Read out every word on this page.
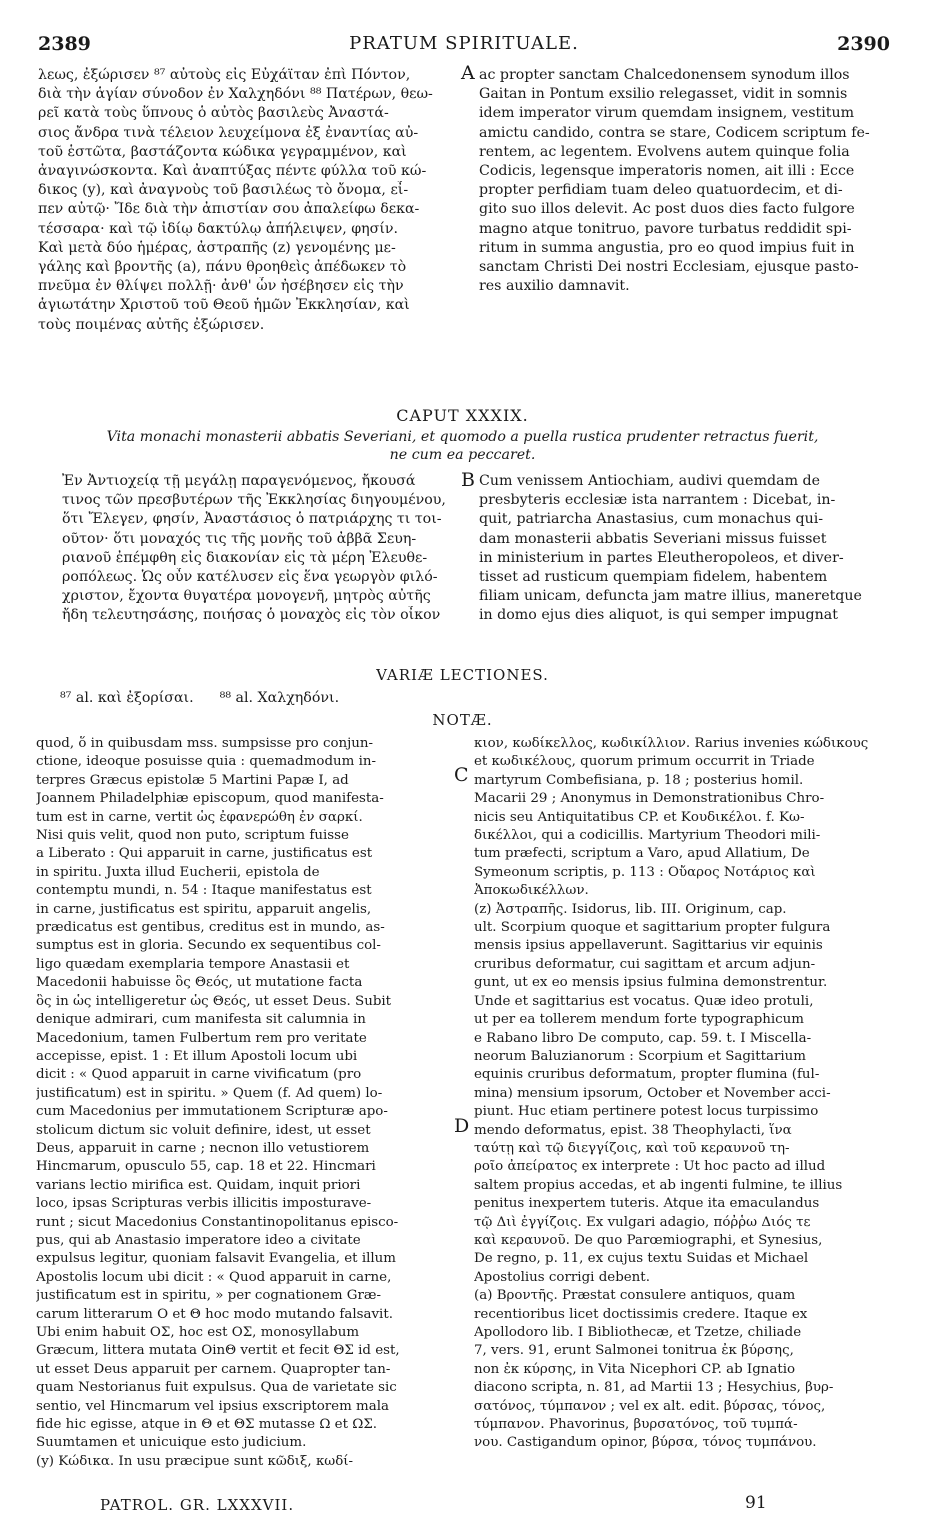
2389	PRATUM SPIRITUALE.	2390
λεως, ἐξώρισεν ⁸⁷ αὐτοὺς εἰς Εὐχάϊταν ἐπὶ Πόντον,
διὰ τὴν ἁγίαν σύνοδον ἐν Χαλχηδόνι ⁸⁸ Πατέρων, θεω-
ρεῖ κατὰ τοὺς ὕπνους ὁ αὐτὸς βασιλεὺς Ἀναστά-
σιος ἄνδρα τινὰ τέλειον λευχείμονα ἐξ ἐναντίας αὐ-
τοῦ ἑστῶτα, βαστάζοντα κώδικα γεγραμμένον, καὶ
ἀναγινώσκοντα. Καὶ ἀναπτύξας πέντε φύλλα τοῦ κώ-
δικος (y), καὶ ἀναγνοὺς τοῦ βασιλέως τὸ ὄνομα, εἶ-
πεν αὐτῷ· Ἴδε διὰ τὴν ἀπιστίαν σου ἀπαλείφω δεκα-
τέσσαρα· καὶ τῷ ἰδίῳ δακτύλῳ ἀπήλειψεν, φησίν.
Καὶ μετὰ δύο ἡμέρας, ἀστραπῆς (z) γενομένης με-
γάλης καὶ βροντῆς (a), πάνυ θροηθεὶς ἀπέδωκεν τὸ
πνεῦμα ἐν θλίψει πολλῇ· ἀνθ' ὧν ἠσέβησεν εἰς τὴν
ἁγιωτάτην Χριστοῦ τοῦ Θεοῦ ἡμῶν Ἐκκλησίαν, καὶ
τοὺς ποιμένας αὐτῆς ἐξώρισεν.
A ac propter sanctam Chalcedonensem synodum illos
Gaitan in Pontum exsilio relegasset, vidit in somnis
idem imperator virum quemdam insignem, vestitum
amictu candido, contra se stare, Codicem scriptum fe-
rentem, ac legentem. Evolvens autem quinque folia
Codicis, legensque imperatoris nomen, ait illi : Ecce
propter perfidiam tuam deleo quatuordecim, et di-
gito suo illos delevit. Ac post duos dies facto fulgore
magno atque tonitruo, pavore turbatus reddidit spi-
ritum in summa angustia, pro eo quod impius fuit in
sanctam Christi Dei nostri Ecclesiam, ejusque pasto-
res auxilio damnavit.
CAPUT XXXIX.
Vita monachi monasterii abbatis Severiani, et quomodo a puella rustica prudenter retractus fuerit,
ne cum ea peccaret.
Ἐν Ἀντιοχείᾳ τῇ μεγάλῃ παραγενόμενος, ἤκουσά
τινος τῶν πρεσβυτέρων τῆς Ἐκκλησίας διηγουμένου,
ὅτι Ἔλεγεν, φησίν, Ἀναστάσιος ὁ πατριάρχης τι τοι-
οῦτον· ὅτι μοναχός τις τῆς μονῆς τοῦ ἀββᾶ Σευη-
ριανοῦ ἐπέμφθη εἰς διακονίαν εἰς τὰ μέρη Ἐλευθε-
ροπόλεως. Ὡς οὖν κατέλυσεν εἰς ἕνα γεωργὸν φιλό-
χριστον, ἔχοντα θυγατέρα μονογενῆ, μητρὸς αὐτῆς
ἤδη τελευτησάσης, ποιήσας ὁ μοναχὸς εἰς τὸν οἶκον
B Cum venissem Antiochiam, audivi quemdam de
presbyteris ecclesiæ ista narrantem : Dicebat, in-
quit, patriarcha Anastasius, cum monachus qui-
dam monasterii abbatis Severiani missus fuisset
in ministerium in partes Eleutheropoleos, et diver-
tisset ad rusticum quempiam fidelem, habentem
filiam unicam, defuncta jam matre illius, maneretque
in domo ejus dies aliquot, is qui semper impugnat
VARIÆ LECTIONES.
⁸⁷ al. καὶ ἐξορίσαι. ⁸⁸ al. Χαλχηδόνι.
NOTÆ.
quod, ὅ in quibusdam mss. sumpsisse pro conjun-
ctione, ideoque posuisse quia : quemadmodum in-
terpres Græcus epistolæ 5 Martini Papæ I, ad
Joannem Philadelphiæ episcopum, quod manifesta-
tum est in carne, vertit ὡς ἐφανερώθη ἐν σαρκί.
Nisi quis velit, quod non puto, scriptum fuisse
a Liberato : Qui apparuit in carne, justificatus est
in spiritu. Juxta illud Eucherii, epistola de
contemptu mundi, n. 54 : Itaque manifestatus est
in carne, justificatus est spiritu, apparuit angelis,
prædicatus est gentibus, creditus est in mundo, as-
sumptus est in gloria. Secundo ex sequentibus col-
ligo quædam exemplaria tempore Anastasii et
Macedonii habuisse ὃς Θεός, ut mutatione facta
ὃς in ὡς intelligeretur ὡς Θεός, ut esset Deus. Subit
denique admirari, cum manifesta sit calumnia in
Macedonium, tamen Fulbertum rem pro veritate
accepisse, epist. 1 : Et illum Apostoli locum ubi
dicit : « Quod apparuit in carne vivificatum (pro
justificatum) est in spiritu. » Quem (f. Ad quem) lo-
cum Macedonius per immutationem Scripturæ apo-
stolicum dictum sic voluit definire, idest, ut esset
Deus, apparuit in carne ; necnon illo vetustiorem
Hincmarum, opusculo 55, cap. 18 et 22. Hincmari
varians lectio mirifica est. Quidam, inquit priori
loco, ipsas Scripturas verbis illicitis imposturave-
runt ; sicut Macedonius Constantinopolitanus episco-
pus, qui ab Anastasio imperatore ideo a civitate
expulsus legitur, quoniam falsavit Evangelia, et illum
Apostolis locum ubi dicit : « Quod apparuit in carne,
justificatum est in spiritu, » per cognationem Græ-
carum litterarum Ο et Θ hoc modo mutando falsavit.
Ubi enim habuit ΟΣ, hoc est ΟΣ, monosyllabum
Græcum, littera mutata ΟinΘ vertit et fecit ΘΣ id est,
ut esset Deus apparuit per carnem. Quapropter tan-
quam Nestorianus fuit expulsus. Qua de varietate sic
sentio, vel Hincmarum vel ipsius exscriptorem mala
fide hic egisse, atque in Θ et ΘΣ mutasse Ω et ΩΣ.
Suumtamen et unicuique esto judicium.
(y) Κώδικα. In usu præcipue sunt κῶδιξ, κωδί-
C
D
κιον, κωδίκελλος, κωδικίλλιον. Rarius invenies κώδικους
et κωδικέλους, quorum primum occurrit in Triade
martyrum Combefisiana, p. 18 ; posterius homil.
Macarii 29 ; Anonymus in Demonstrationibus Chro-
nicis seu Antiquitatibus CP. et Κουδικέλοι. f. Κω-
δικέλλοι, qui a codicillis. Martyrium Theodori mili-
tum præfecti, scriptum a Varo, apud Allatium, De
Symeonum scriptis, p. 113 : Οὔαρος Νοτάριος καὶ
Ἀποκωδικέλλων.
(z) Ἀστραπῆς. Isidorus, lib. III. Originum, cap.
ult. Scorpium quoque et sagittarium propter fulgura
mensis ipsius appellaverunt. Sagittarius vir equinis
cruribus deformatur, cui sagittam et arcum adjun-
gunt, ut ex eo mensis ipsius fulmina demonstrentur.
Unde et sagittarius est vocatus. Quæ ideo protuli,
ut per ea tollerem mendum forte typographicum
e Rabano libro De computo, cap. 59. t. I Miscella-
neorum Baluzianorum : Scorpium et Sagittarium
equinis cruribus deformatum, propter flumina (ful-
mina) mensium ipsorum, October et November acci-
piunt. Huc etiam pertinere potest locus turpissimo
mendo deformatus, epist. 38 Theophylacti, ἵνα
ταύτῃ καὶ τῷ διεγγίζοις, καὶ τοῦ κεραυνοῦ τη-
ροῖο ἀπείρατος ex interprete : Ut hoc pacto ad illud
saltem propius accedas, et ab ingenti fulmine, te illius
penitus inexpertem tuteris. Atque ita emaculandus
τῷ Διὶ ἐγγίζοις. Ex vulgari adagio, πόῤῥω Διός τε
καὶ κεραυνοῦ. De quo Parœmiographi, et Synesius,
De regno, p. 11, ex cujus textu Suidas et Michael
Apostolius corrigi debent.
(a) Βροντῆς. Præstat consulere antiquos, quam
recentioribus licet doctissimis credere. Itaque ex
Apollodoro lib. I Bibliothecæ, et Tzetze, chiliade
7, vers. 91, erunt Salmonei tonitrua ἐκ βύρσης,
non ἐκ κύρσης, in Vita Nicephori CP. ab Ignatio
diacono scripta, n. 81, ad Martii 13 ; Hesychius, βυρ-
σατόνος, τύμπανον ; vel ex alt. edit. βύρσας, τόνος,
τύμπανον. Phavorinus, βυρσατόνος, τοῦ τυμπά-
νου. Castigandum opinor, βύρσα, τόνος τυμπάνου.
PATROL. GR. LXXXVII.	91
